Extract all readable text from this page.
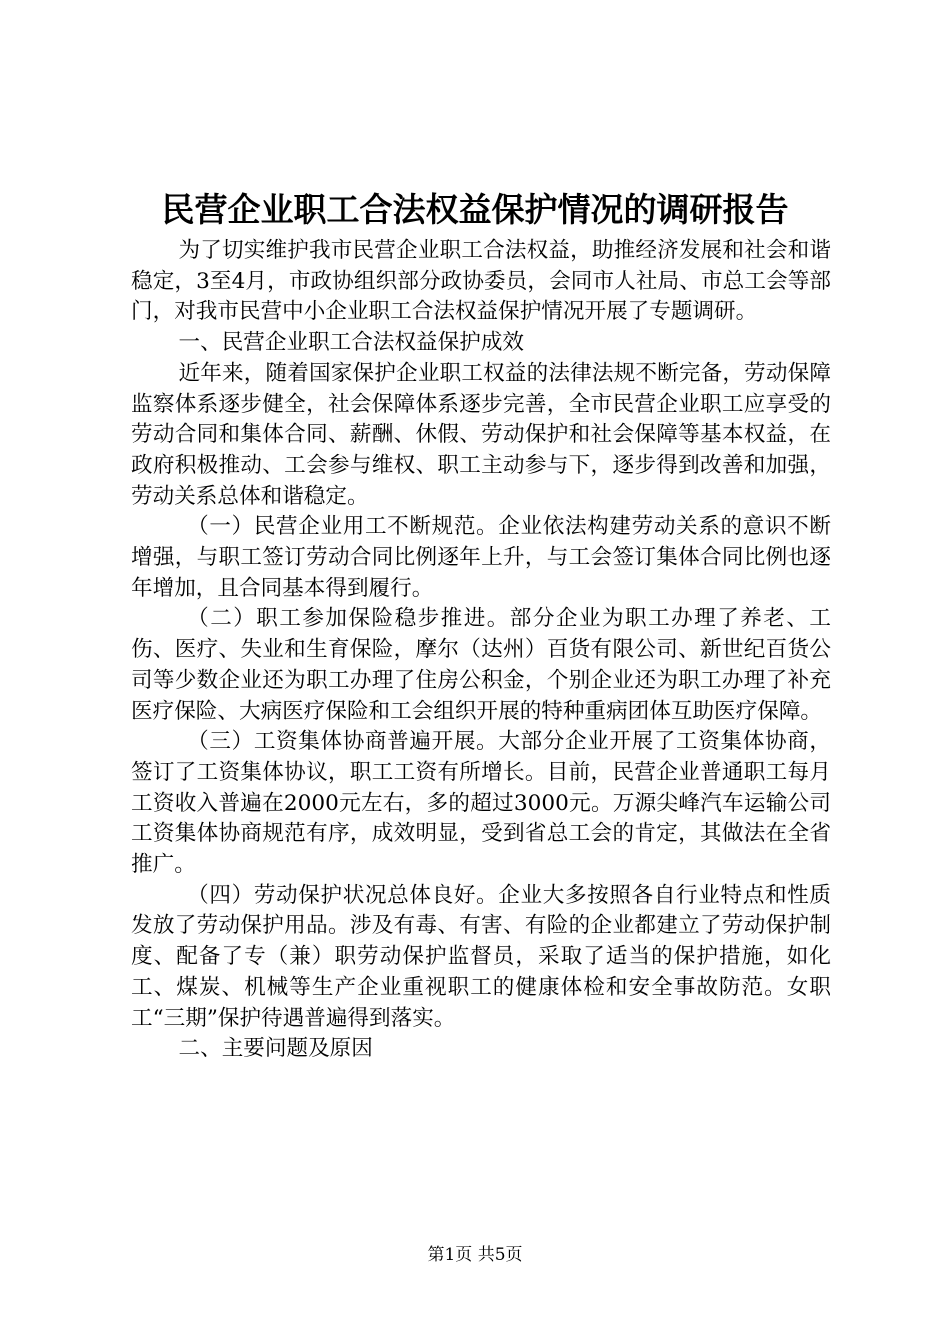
民营企业职工合法权益保护情况的调研报告

为了切实维护我市民营企业职工合法权益，助推经济发展和社会和谐稳定，3至4月，市政协组织部分政协委员，会同市人社局、市总工会等部门，对我市民营中小企业职工合法权益保护情况开展了专题调研。

一、民营企业职工合法权益保护成效

近年来，随着国家保护企业职工权益的法律法规不断完备，劳动保障监察体系逐步健全，社会保障体系逐步完善，全市民营企业职工应享受的劳动合同和集体合同、薪酬、休假、劳动保护和社会保障等基本权益，在政府积极推动、工会参与维权、职工主动参与下，逐步得到改善和加强，劳动关系总体和谐稳定。

（一）民营企业用工不断规范。企业依法构建劳动关系的意识不断增强，与职工签订劳动合同比例逐年上升，与工会签订集体合同比例也逐年增加，且合同基本得到履行。

（二）职工参加保险稳步推进。部分企业为职工办理了养老、工伤、医疗、失业和生育保险，摩尔（达州）百货有限公司、新世纪百货公司等少数企业还为职工办理了住房公积金，个别企业还为职工办理了补充医疗保险、大病医疗保险和工会组织开展的特种重病团体互助医疗保障。

（三）工资集体协商普遍开展。大部分企业开展了工资集体协商，签订了工资集体协议，职工工资有所增长。目前，民营企业普通职工每月工资收入普遍在2000元左右，多的超过3000元。万源尖峰汽车运输公司工资集体协商规范有序，成效明显，受到省总工会的肯定，其做法在全省推广。

（四）劳动保护状况总体良好。企业大多按照各自行业特点和性质发放了劳动保护用品。涉及有毒、有害、有险的企业都建立了劳动保护制度、配备了专（兼）职劳动保护监督员，采取了适当的保护措施，如化工、煤炭、机械等生产企业重视职工的健康体检和安全事故防范。女职工“三期”保护待遇普遍得到落实。

二、主要问题及原因

第1页 共5页
